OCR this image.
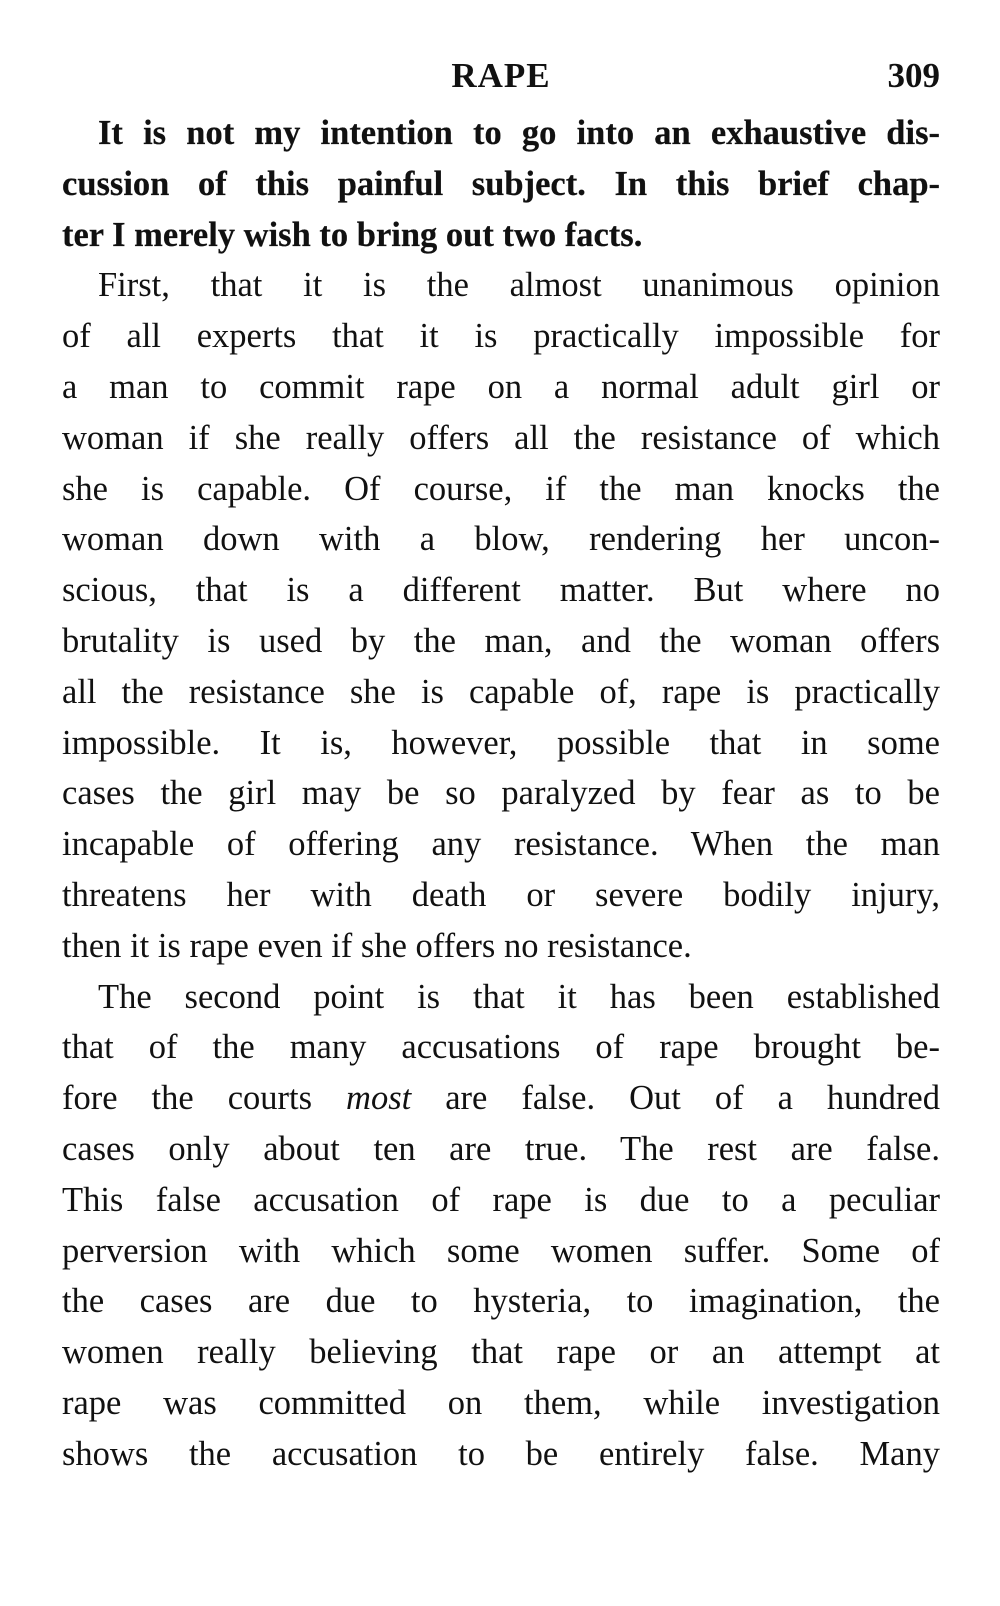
RAPE	309

It is not my intention to go into an exhaustive dis-
cussion of this painful subject. In this brief chap-
ter I merely wish to bring out two facts.

First, that it is the almost unanimous opinion
of all experts that it is practically impossible for
a man to commit rape on a normal adult girl or
woman if she really offers all the resistance of which
she is capable. Of course, if the man knocks the
woman down with a blow, rendering her uncon-
scious, that is a different matter. But where no
brutality is used by the man, and the woman offers
all the resistance she is capable of, rape is practically
impossible. It is, however, possible that in some
cases the girl may be so paralyzed by fear as to be
incapable of offering any resistance. When the man
threatens her with death or severe bodily injury,
then it is rape even if she offers no resistance.

The second point is that it has been established
that of the many accusations of rape brought be-
fore the courts most are false. Out of a hundred
cases only about ten are true. The rest are false.
This false accusation of rape is due to a peculiar
perversion with which some women suffer. Some of
the cases are due to hysteria, to imagination, the
women really believing that rape or an attempt at
rape was committed on them, while investigation
shows the accusation to be entirely false. Many
